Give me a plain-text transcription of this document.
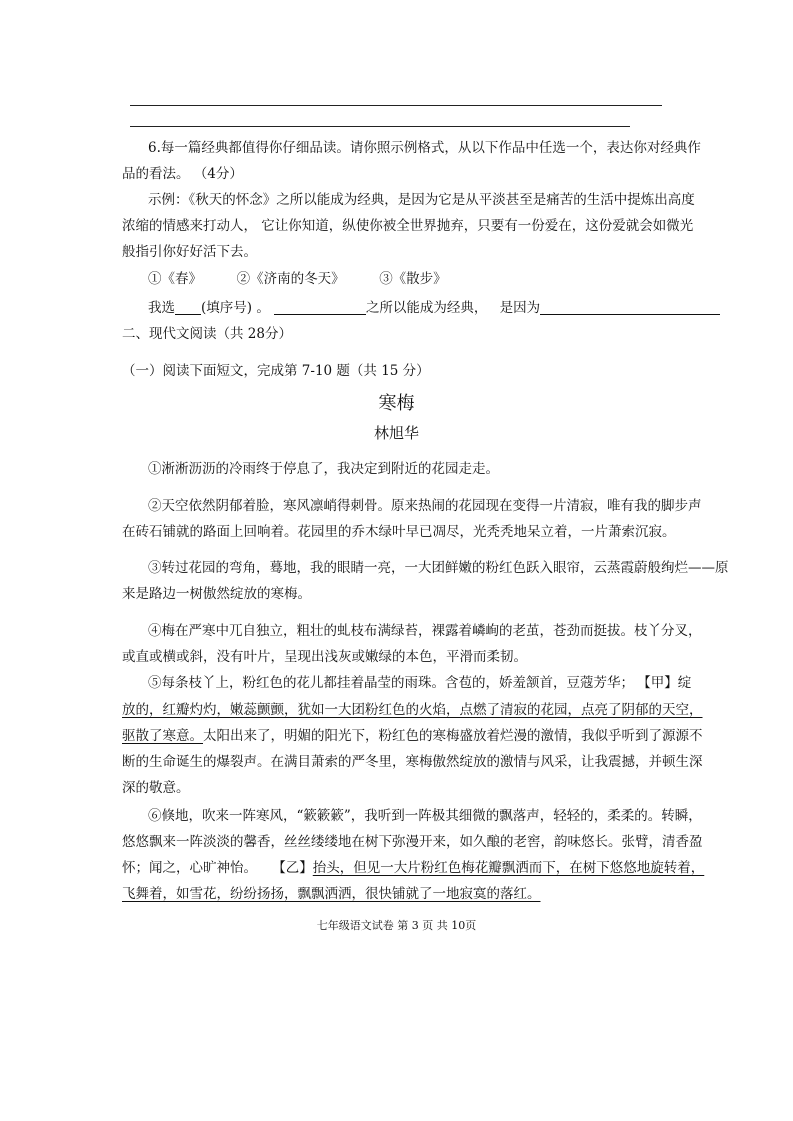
6.每一篇经典都值得你仔细品读。请你照示例格式，从以下作品中任选一个，表达你对经典作
品的看法。 （4分）
示例：《秋天的怀念》之所以能成为经典，是因为它是从平淡甚至是痛苦的生活中提炼出高度
浓缩的情感来打动人， 它让你知道，纵使你被全世界抛弃，只要有一份爱在，这份爱就会如微光
般指引你好好活下去。
①《春》	②《济南的冬天》	③《散步》
我选 (填序号) 。	之所以能成为经典， 是因为
二、现代文阅读（共 28分）
（一）阅读下面短文，完成第 7-10 题（共 15 分）
寒梅
林旭华
①淅淅沥沥的冷雨终于停息了，我决定到附近的花园走走。
②天空依然阴郁着脸，寒风凛峭得刺骨。原来热闹的花园现在变得一片清寂，唯有我的脚步声
在砖石铺就的路面上回响着。花园里的乔木绿叶早已凋尽，光秃秃地呆立着，一片萧索沉寂。
③转过花园的弯角，蓦地，我的眼睛一亮，一大团鲜嫩的粉红色跃入眼帘，云蒸霞蔚般绚烂——原
来是路边一树傲然绽放的寒梅。
④梅在严寒中兀自独立，粗壮的虬枝布满绿苔，裸露着嶙峋的老茧，苍劲而挺拔。枝丫分叉，
或直或横或斜，没有叶片，呈现出浅灰或嫩绿的本色，平滑而柔韧。
⑤每条枝丫上，粉红色的花儿都挂着晶莹的雨珠。含苞的，娇羞颔首，豆蔻芳华； 【甲】绽
放的，红瓣灼灼，嫩蕊颤颤，犹如一大团粉红色的火焰，点燃了清寂的花园，点亮了阴郁的天空，
驱散了寒意。太阳出来了，明媚的阳光下，粉红色的寒梅盛放着烂漫的激情，我似乎听到了源源不
断的生命诞生的爆裂声。在满目萧索的严冬里，寒梅傲然绽放的激情与风采，让我震撼，并顿生深
深的敬意。
⑥倏地，吹来一阵寒风，“簌簌簌”，我听到一阵极其细微的飘落声，轻轻的，柔柔的。转瞬，
悠悠飘来一阵淡淡的馨香，丝丝缕缕地在树下弥漫开来，如久酿的老窖，韵味悠长。张臂，清香盈
怀；闻之，心旷神怡。 【乙】抬头，但见一大片粉红色梅花瓣飘洒而下，在树下悠悠地旋转着，
飞舞着，如雪花，纷纷扬扬，飘飘洒洒，很快铺就了一地寂寞的落红。
七年级语文试卷 第 3 页 共 10页
